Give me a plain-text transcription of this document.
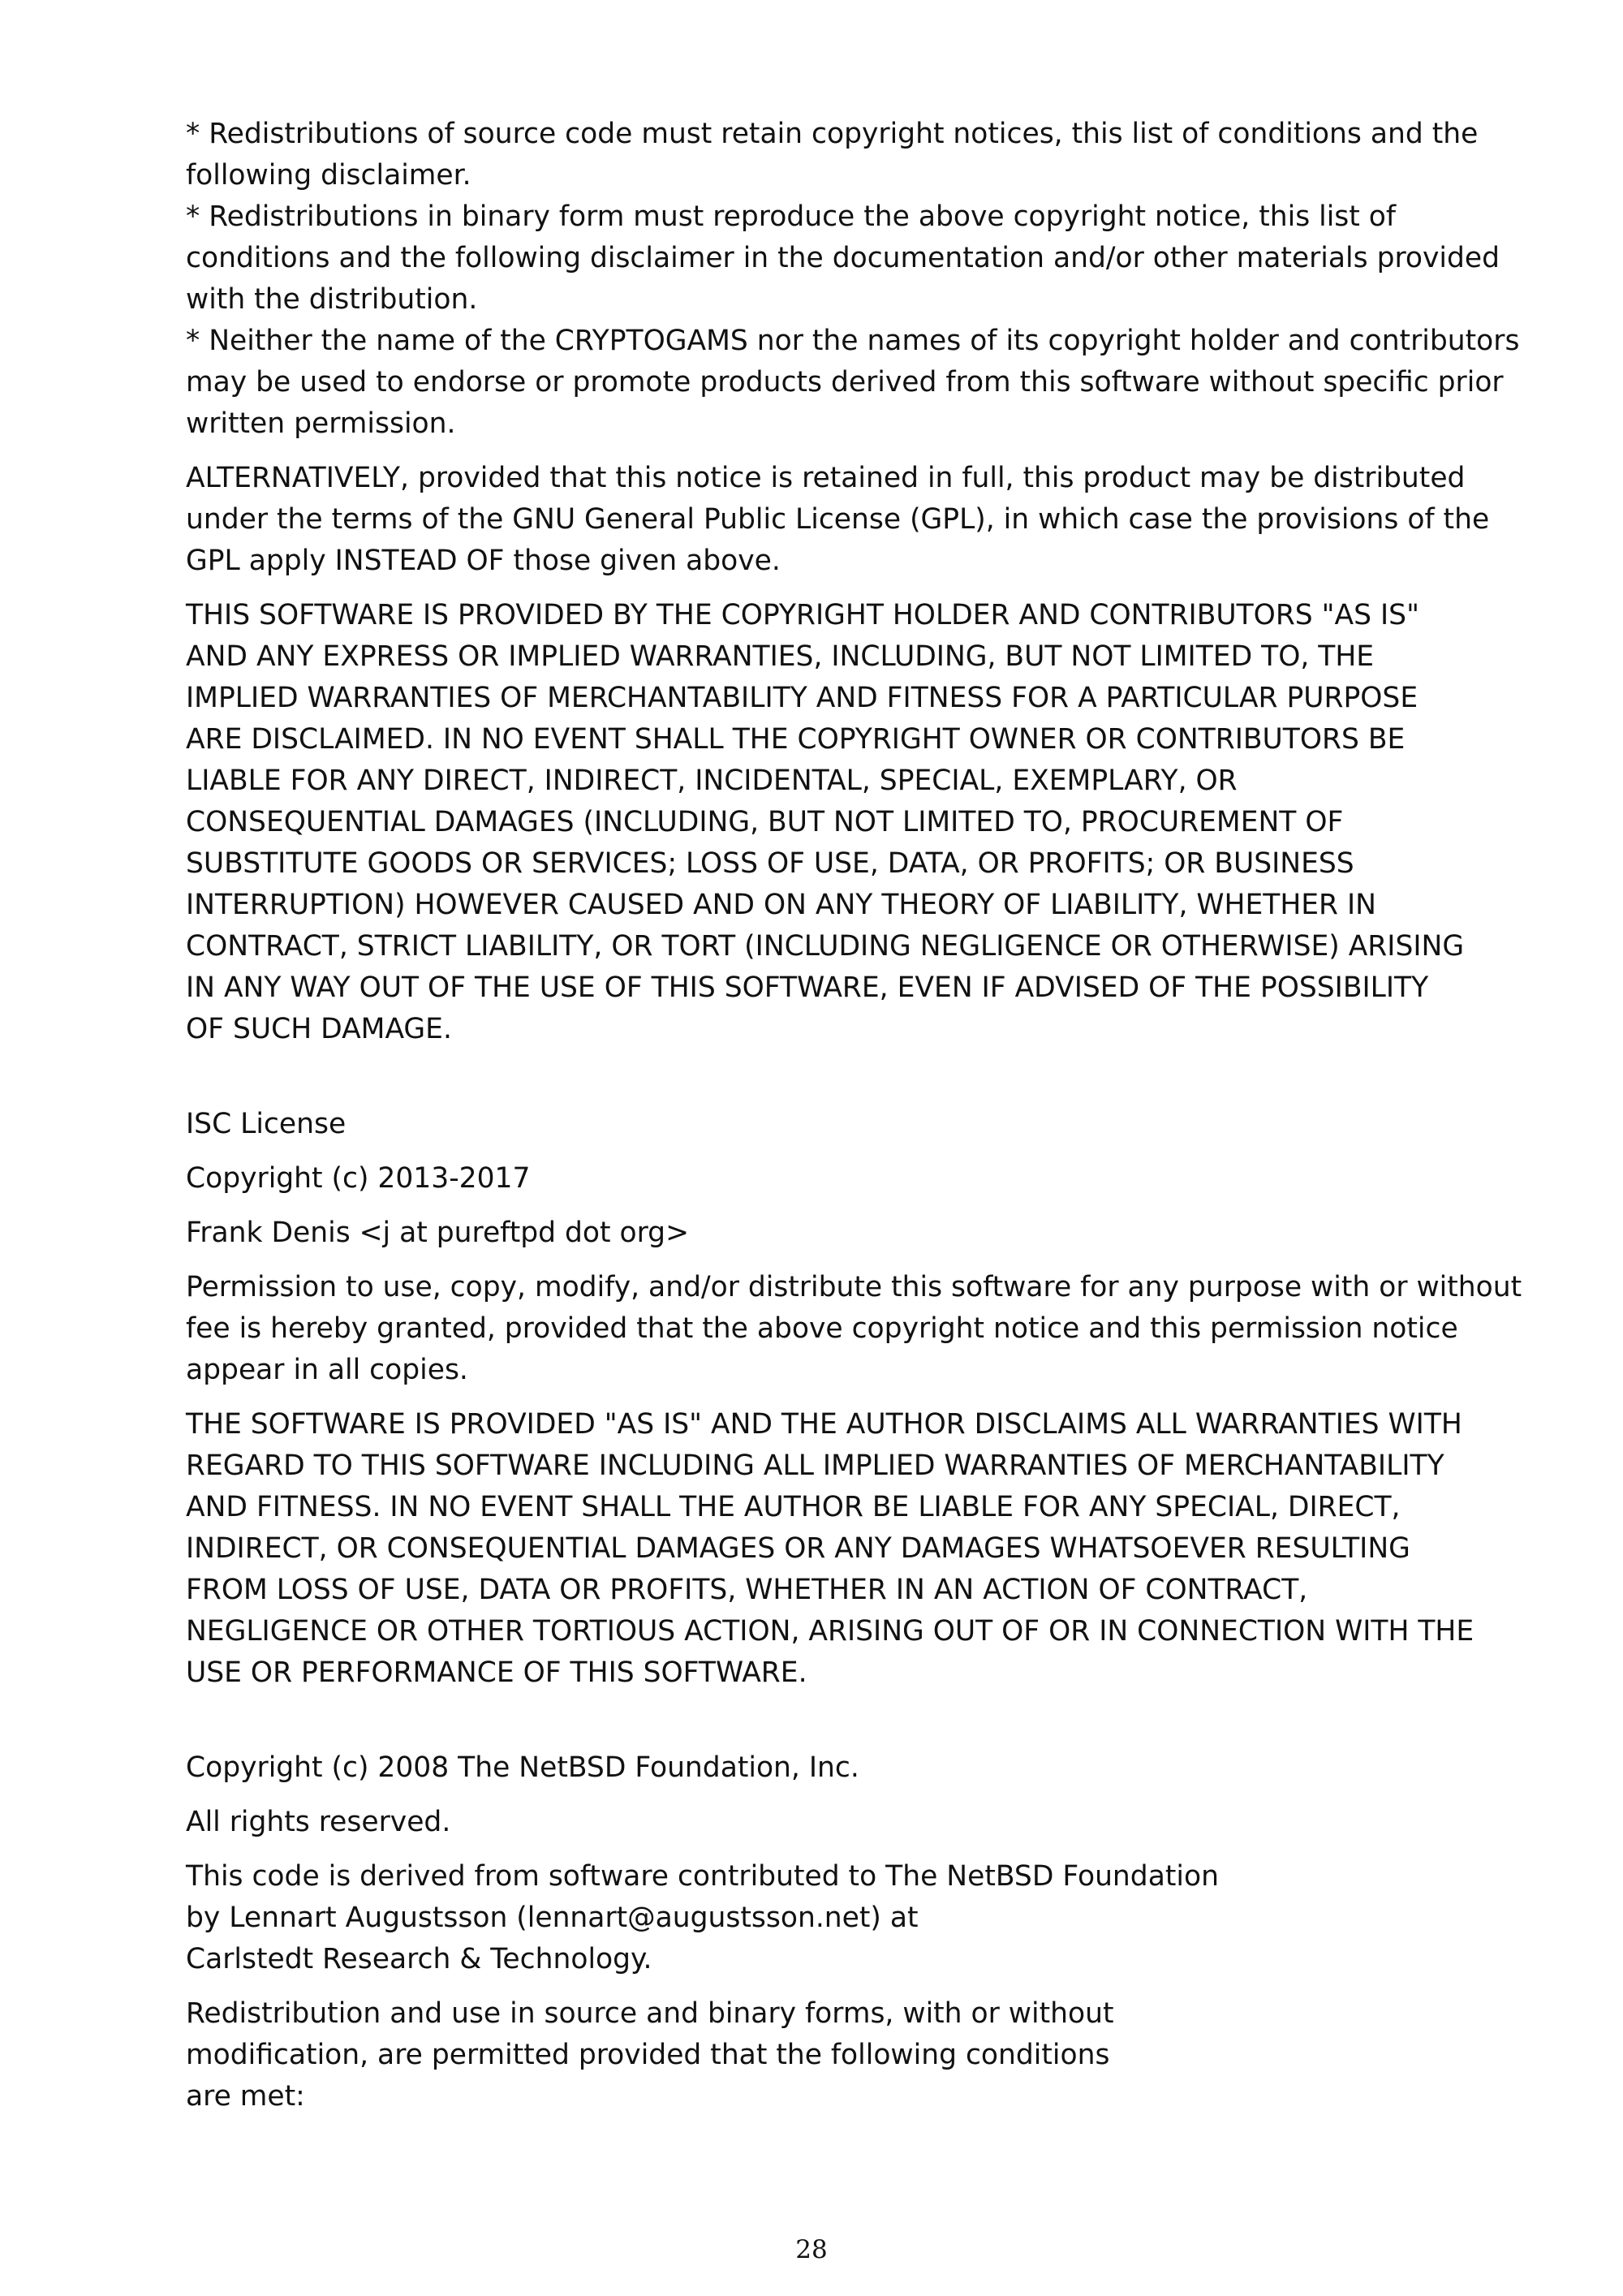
* Redistributions of source code must retain copyright notices, this list of conditions and the
following disclaimer.
* Redistributions in binary form must reproduce the above copyright notice, this list of
conditions and the following disclaimer in the documentation and/or other materials provided
with the distribution.
* Neither the name of the CRYPTOGAMS nor the names of its copyright holder and contributors
may be used to endorse or promote products derived from this software without specific prior
written permission.
ALTERNATIVELY, provided that this notice is retained in full, this product may be distributed
under the terms of the GNU General Public License (GPL), in which case the provisions of the
GPL apply INSTEAD OF those given above.
THIS SOFTWARE IS PROVIDED BY THE COPYRIGHT HOLDER AND CONTRIBUTORS "AS IS"
AND ANY EXPRESS OR IMPLIED WARRANTIES, INCLUDING, BUT NOT LIMITED TO, THE
IMPLIED WARRANTIES OF MERCHANTABILITY AND FITNESS FOR A PARTICULAR PURPOSE
ARE DISCLAIMED. IN NO EVENT SHALL THE COPYRIGHT OWNER OR CONTRIBUTORS BE
LIABLE FOR ANY DIRECT, INDIRECT, INCIDENTAL, SPECIAL, EXEMPLARY, OR
CONSEQUENTIAL DAMAGES (INCLUDING, BUT NOT LIMITED TO, PROCUREMENT OF
SUBSTITUTE GOODS OR SERVICES; LOSS OF USE, DATA, OR PROFITS; OR BUSINESS
INTERRUPTION) HOWEVER CAUSED AND ON ANY THEORY OF LIABILITY, WHETHER IN
CONTRACT, STRICT LIABILITY, OR TORT (INCLUDING NEGLIGENCE OR OTHERWISE) ARISING
IN ANY WAY OUT OF THE USE OF THIS SOFTWARE, EVEN IF ADVISED OF THE POSSIBILITY
OF SUCH DAMAGE.
ISC License
Copyright (c) 2013-2017
Frank Denis <j at pureftpd dot org>
Permission to use, copy, modify, and/or distribute this software for any purpose with or without
fee is hereby granted, provided that the above copyright notice and this permission notice
appear in all copies.
THE SOFTWARE IS PROVIDED "AS IS" AND THE AUTHOR DISCLAIMS ALL WARRANTIES WITH
REGARD TO THIS SOFTWARE INCLUDING ALL IMPLIED WARRANTIES OF MERCHANTABILITY
AND FITNESS. IN NO EVENT SHALL THE AUTHOR BE LIABLE FOR ANY SPECIAL, DIRECT,
INDIRECT, OR CONSEQUENTIAL DAMAGES OR ANY DAMAGES WHATSOEVER RESULTING
FROM LOSS OF USE, DATA OR PROFITS, WHETHER IN AN ACTION OF CONTRACT,
NEGLIGENCE OR OTHER TORTIOUS ACTION, ARISING OUT OF OR IN CONNECTION WITH THE
USE OR PERFORMANCE OF THIS SOFTWARE.
Copyright (c) 2008 The NetBSD Foundation, Inc.
All rights reserved.
This code is derived from software contributed to The NetBSD Foundation
by Lennart Augustsson (lennart@augustsson.net) at
Carlstedt Research & Technology.
Redistribution and use in source and binary forms, with or without
modification, are permitted provided that the following conditions
are met:
28
